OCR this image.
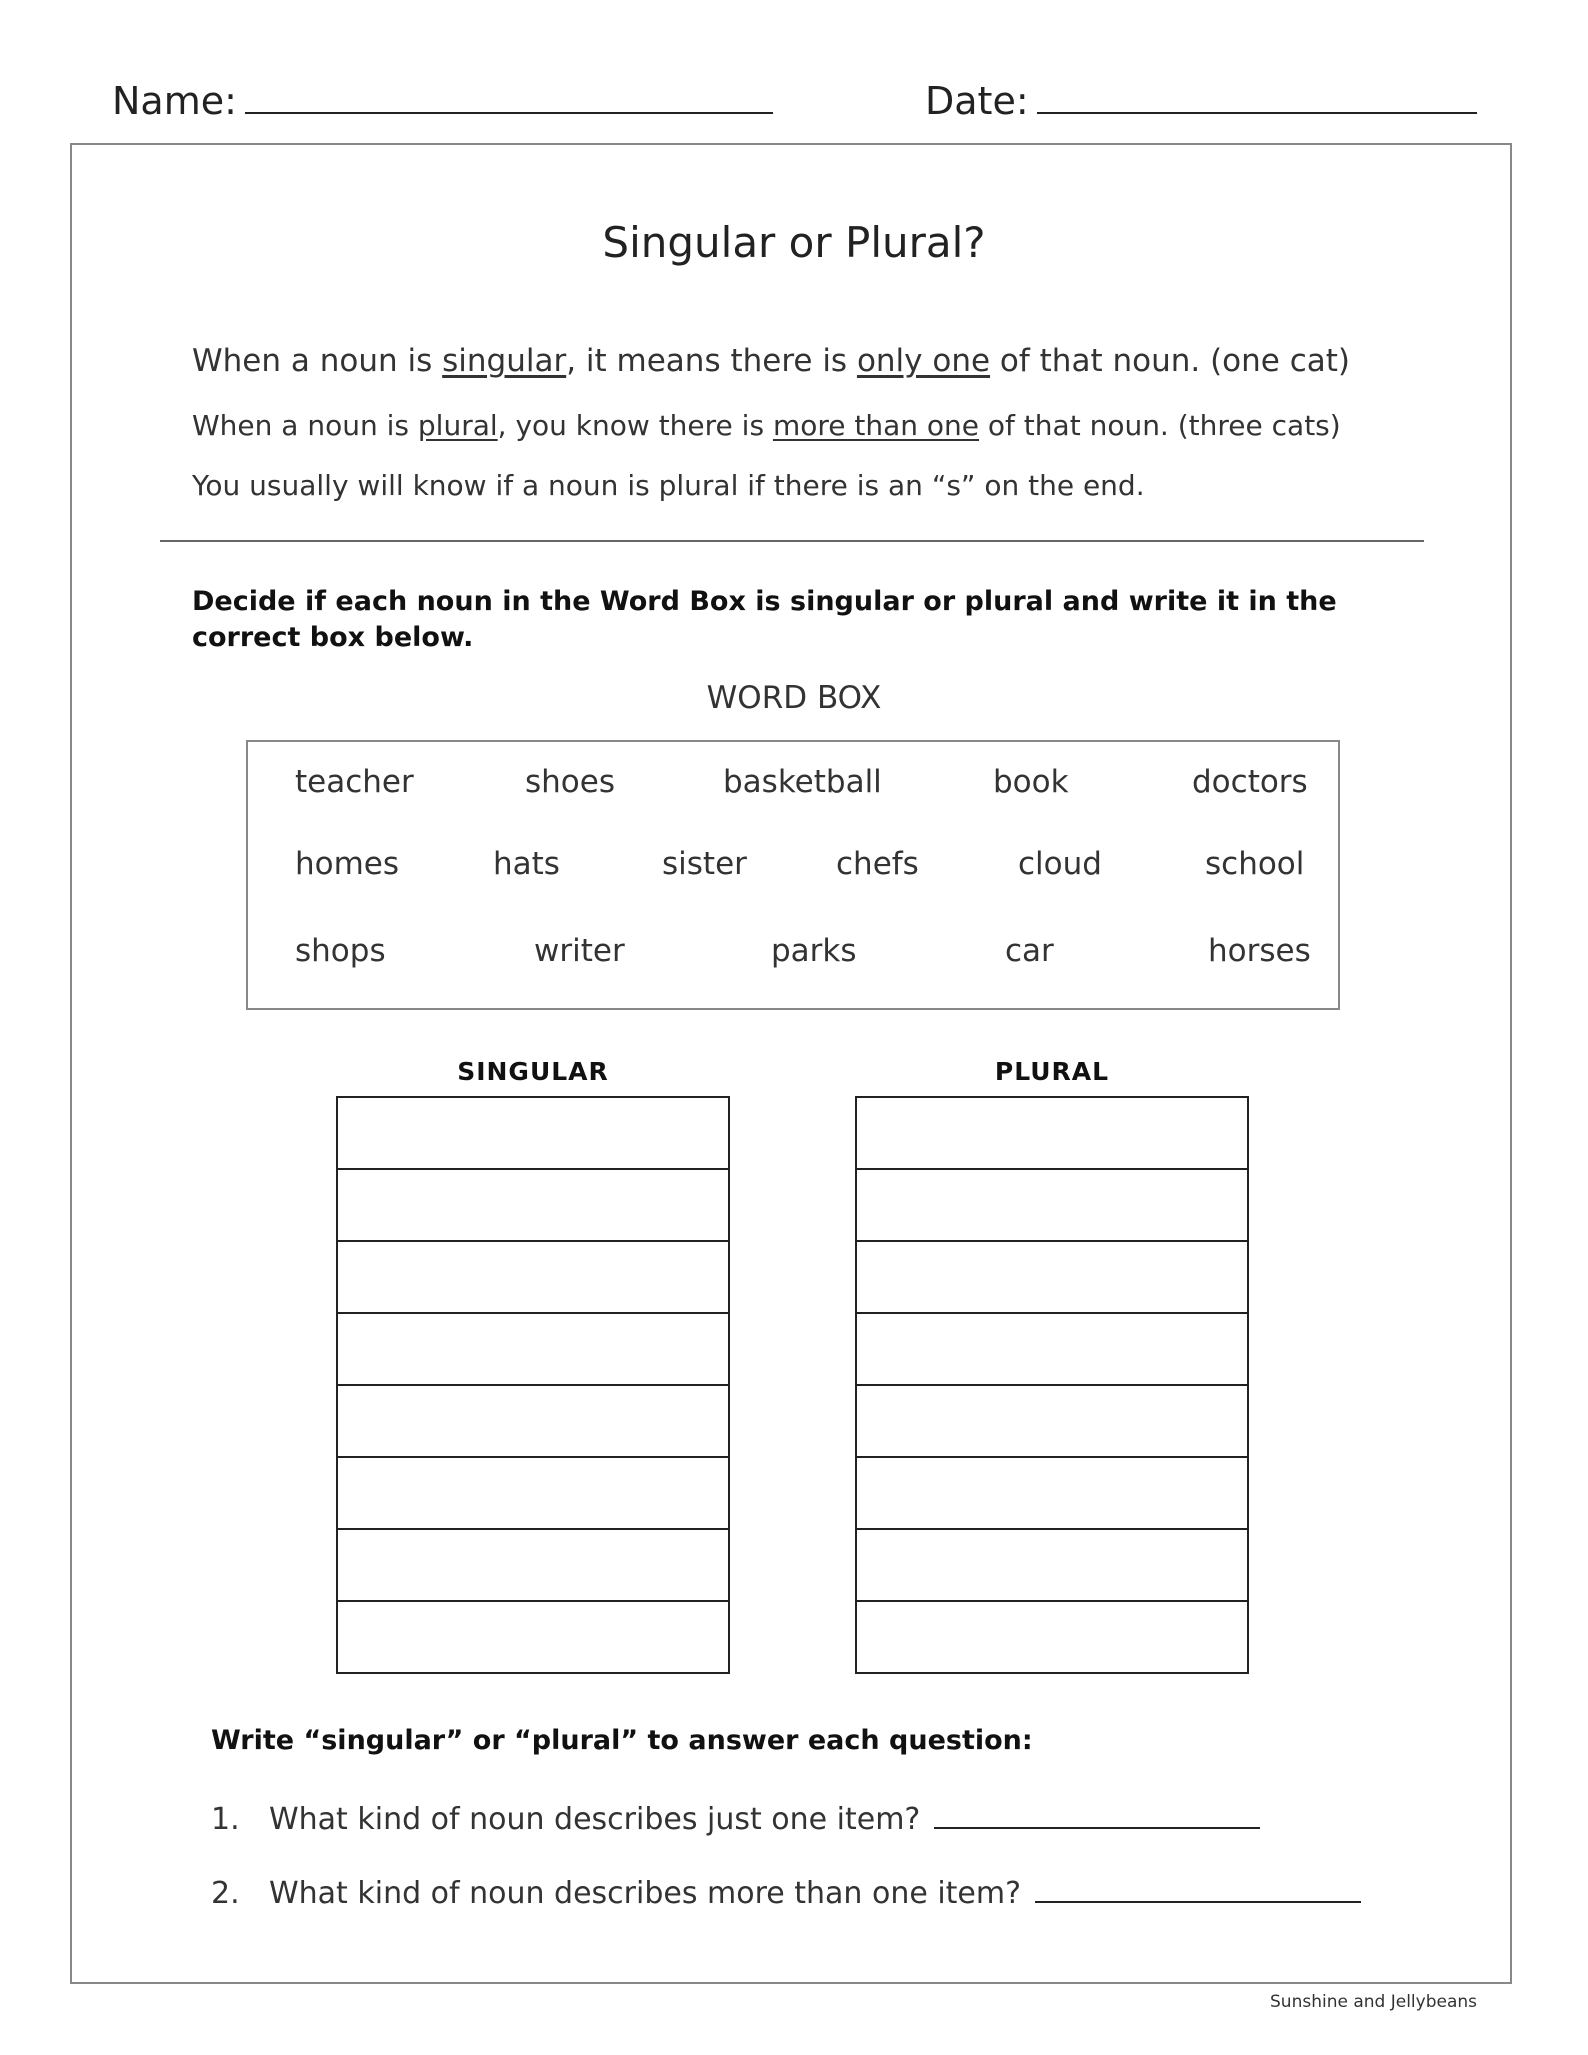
Name:	Date:
Singular or Plural?
When a noun is singular, it means there is only one of that noun. (one cat)
When a noun is plural, you know there is more than one of that noun. (three cats)
You usually will know if a noun is plural if there is an “s” on the end.
Decide if each noun in the Word Box is singular or plural and write it in the correct box below.
WORD BOX
teacher	shoes	basketball	book	doctors
homes	hats	sister	chefs	cloud	school
shops	writer	parks	car	horses
SINGULAR	PLURAL
Write “singular” or “plural” to answer each question:
1. What kind of noun describes just one item?
2. What kind of noun describes more than one item?
Sunshine and Jellybeans
